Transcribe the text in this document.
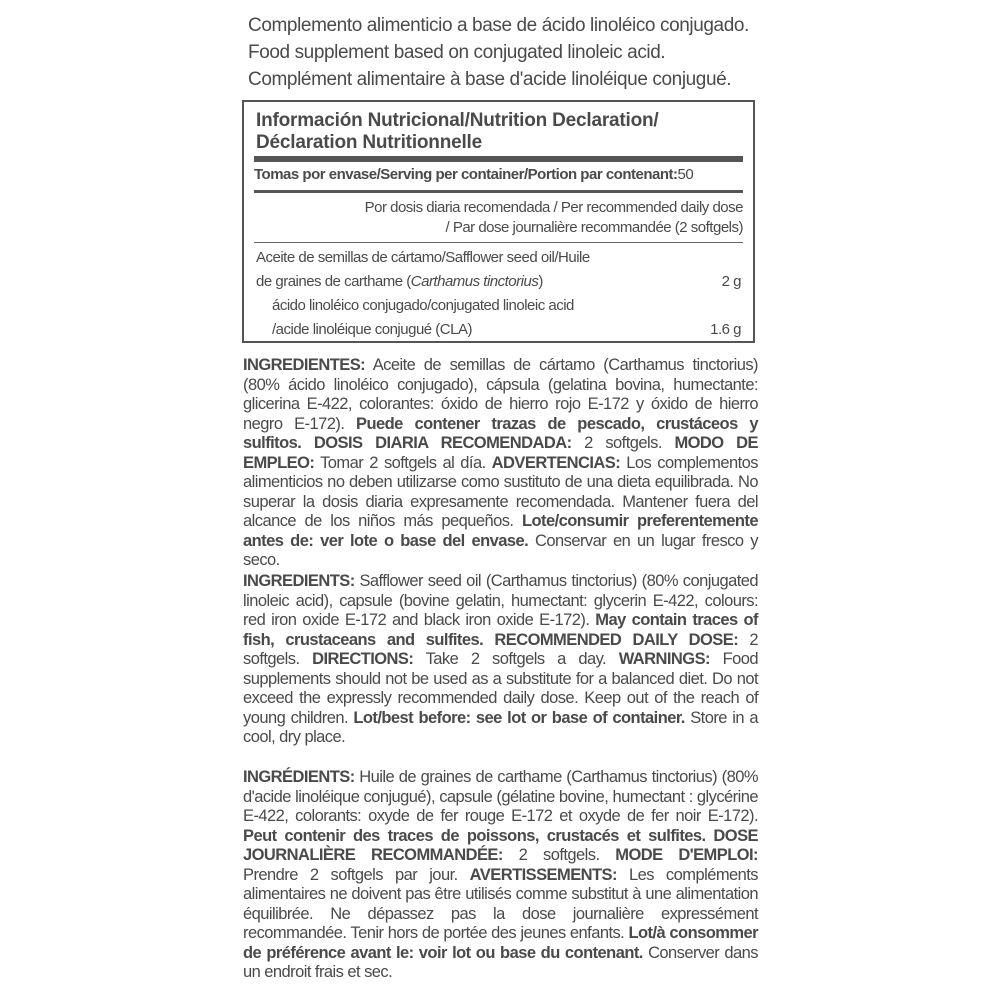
Complemento alimenticio a base de ácido linoléico conjugado.
Food supplement based on conjugated linoleic acid.
Complément alimentaire à base d'acide linoléique conjugué.
Información Nutricional/Nutrition Declaration/
Déclaration Nutritionnelle
Tomas por envase/Serving per container/Portion par contenant:50
Por dosis diaria recomendada / Per recommended daily dose
/ Par dose journalière recommandée (2 softgels)
Aceite de semillas de cártamo/Safflower seed oil/Huile
de graines de carthame (Carthamus tinctorius)	2 g
ácido linoléico conjugado/conjugated linoleic acid
/acide linoléique conjugué (CLA)	1.6 g
INGREDIENTES: Aceite de semillas de cártamo (Carthamus tinctorius) (80% ácido linoléico conjugado), cápsula (gelatina bovina, humectante: glicerina E-422, colorantes: óxido de hierro rojo E-172 y óxido de hierro negro E-172). Puede contener trazas de pescado, crustáceos y sulfitos. DOSIS DIARIA RECOMENDADA: 2 softgels. MODO DE EMPLEO: Tomar 2 softgels al día. ADVERTENCIAS: Los complementos alimenticios no deben utilizarse como sustituto de una dieta equilibrada. No superar la dosis diaria expresamente recomendada. Mantener fuera del alcance de los niños más pequeños. Lote/consumir preferentemente antes de: ver lote o base del envase. Conservar en un lugar fresco y seco.
INGREDIENTS: Safflower seed oil (Carthamus tinctorius) (80% conjugated linoleic acid), capsule (bovine gelatin, humectant: glycerin E-422, colours: red iron oxide E-172 and black iron oxide E-172). May contain traces of fish, crustaceans and sulfites. RECOMMENDED DAILY DOSE: 2 softgels. DIRECTIONS: Take 2 softgels a day. WARNINGS: Food supplements should not be used as a substitute for a balanced diet. Do not exceed the expressly recommended daily dose. Keep out of the reach of young children. Lot/best before: see lot or base of container. Store in a cool, dry place.
INGRÉDIENTS: Huile de graines de carthame (Carthamus tinctorius) (80% d'acide linoléique conjugué), capsule (gélatine bovine, humectant : glycérine E-422, colorants: oxyde de fer rouge E-172 et oxyde de fer noir E-172). Peut contenir des traces de poissons, crustacés et sulfites. DOSE JOURNALIÈRE RECOMMANDÉE: 2 softgels. MODE D'EMPLOI: Prendre 2 softgels par jour. AVERTISSEMENTS: Les compléments alimentaires ne doivent pas être utilisés comme substitut à une alimentation équilibrée. Ne dépassez pas la dose journalière expressément recommandée. Tenir hors de portée des jeunes enfants. Lot/à consommer de préférence avant le: voir lot ou base du contenant. Conserver dans un endroit frais et sec.
